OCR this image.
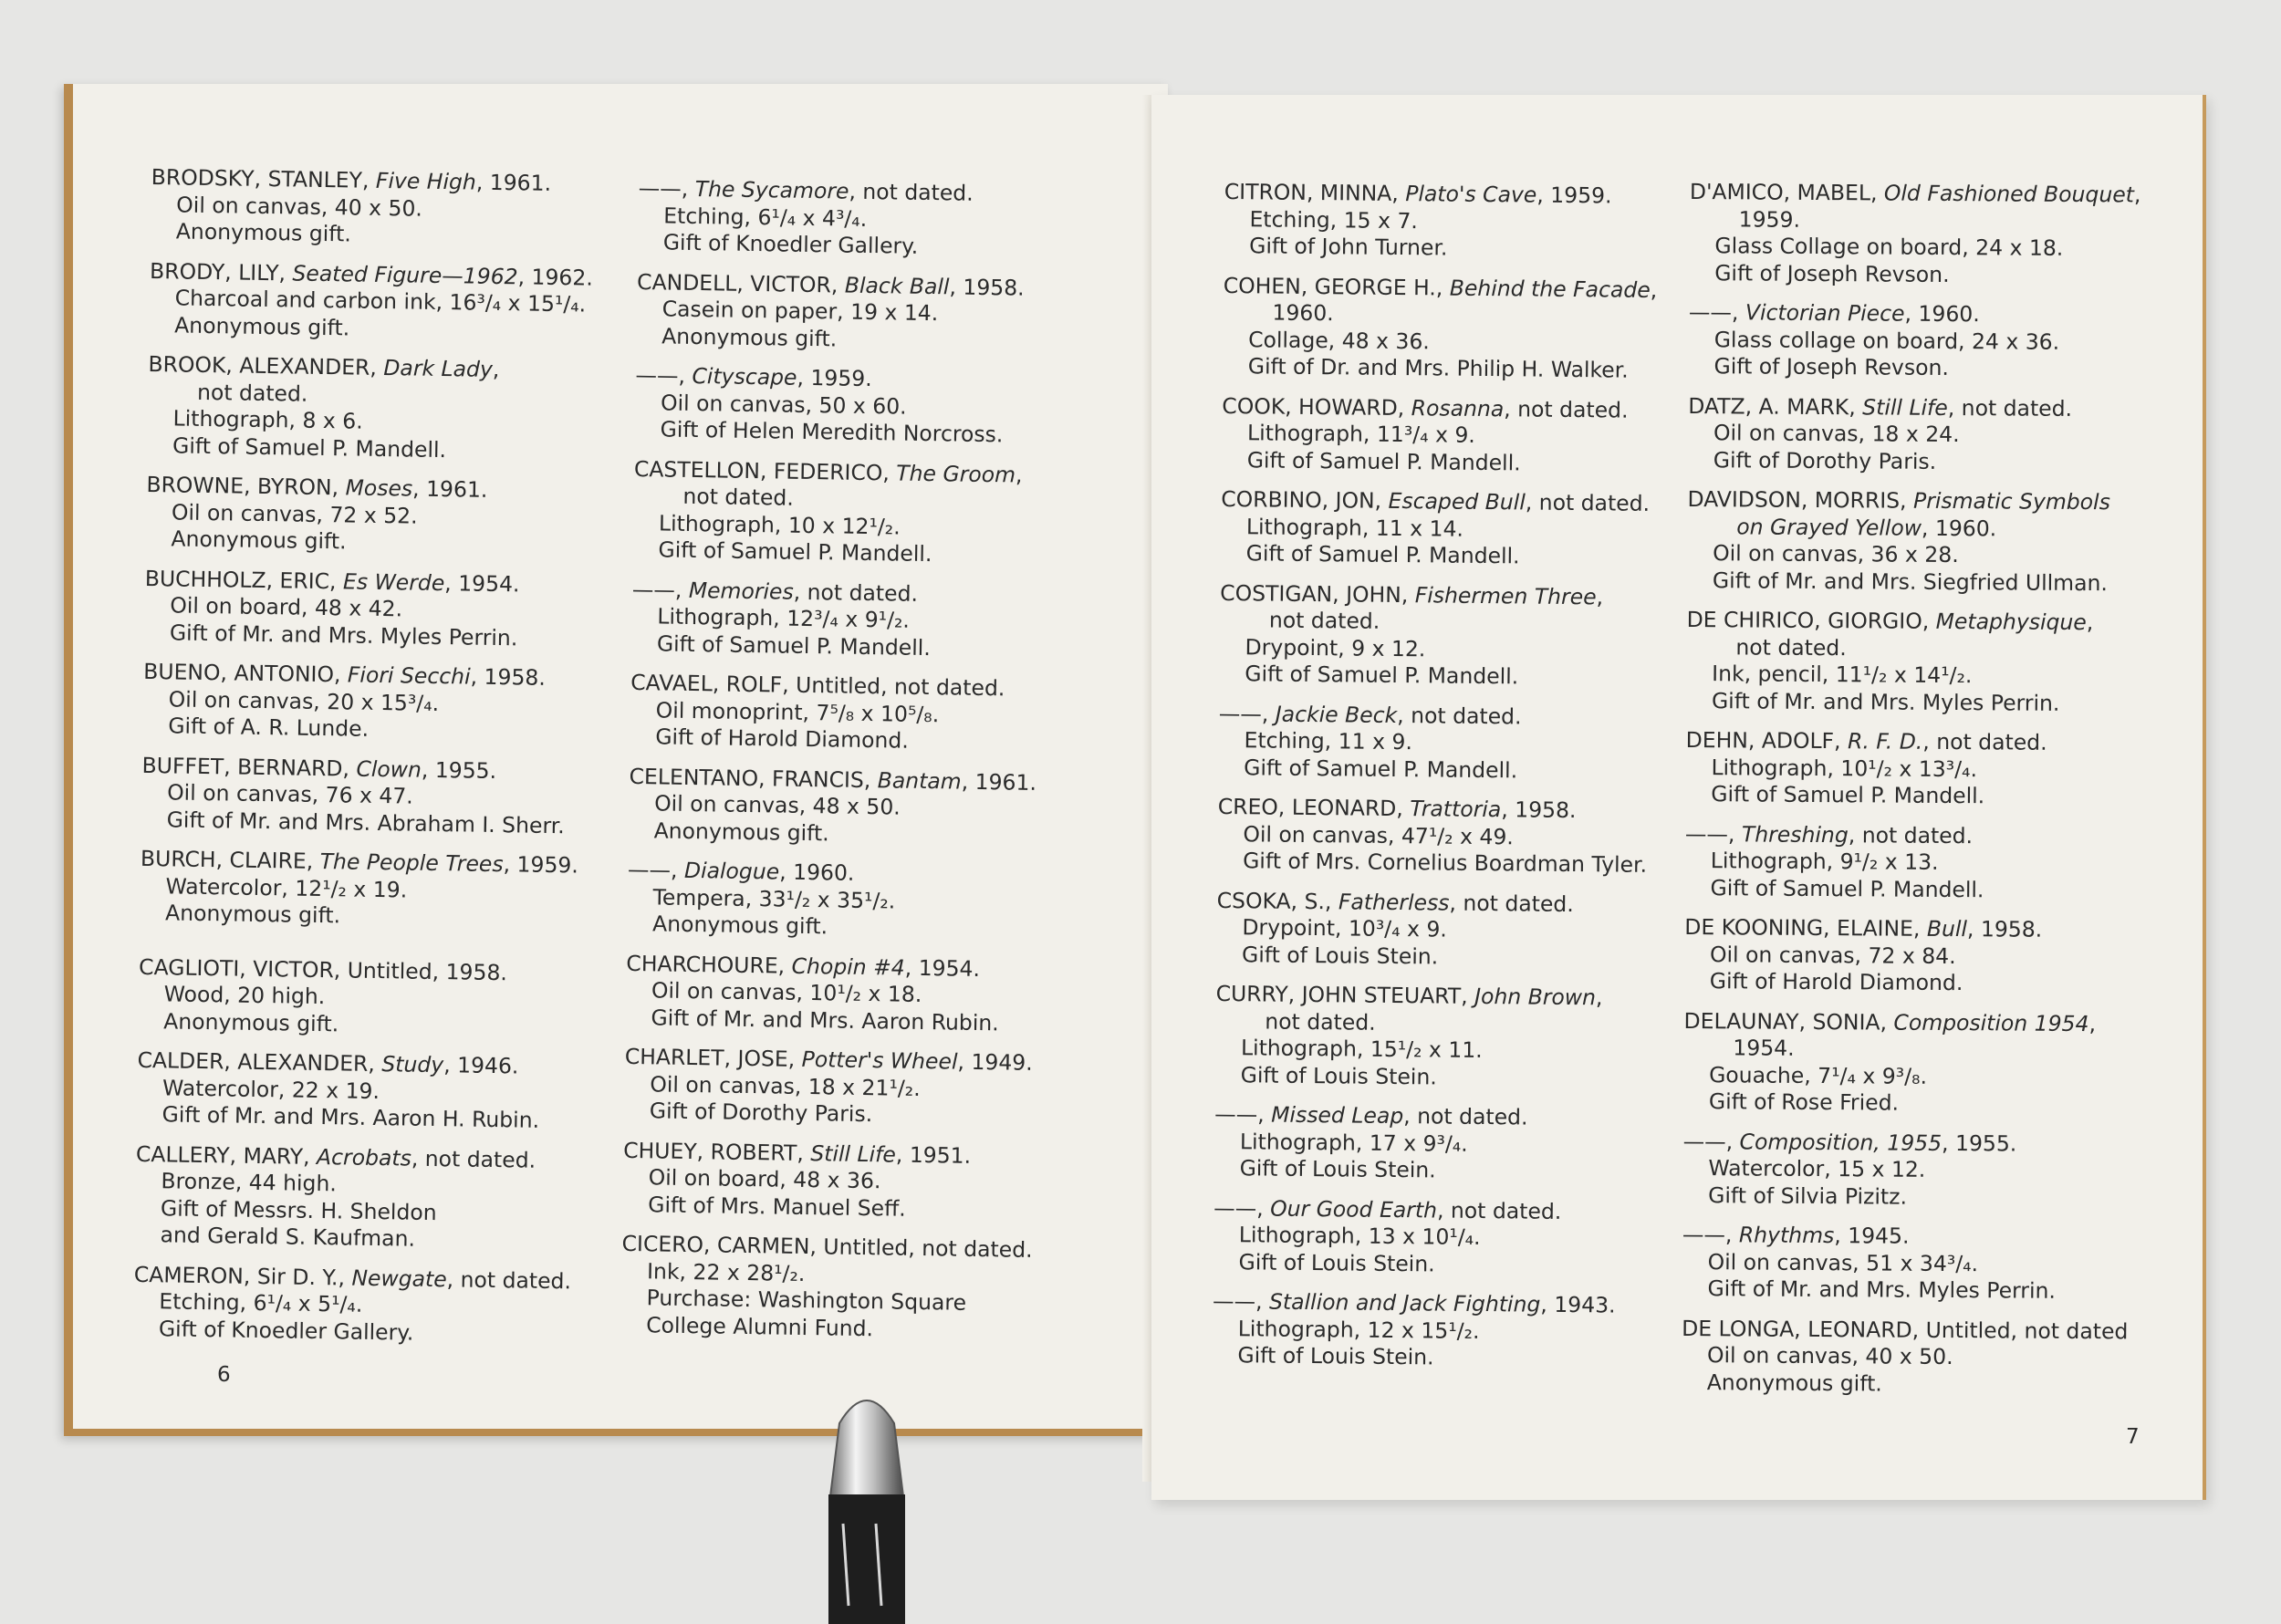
BRODSKY, STANLEY, Five High, 1961.
Oil on canvas, 40 x 50.
Anonymous gift.
BRODY, LILY, Seated Figure—1962, 1962.
Charcoal and carbon ink, 16³/₄ x 15¹/₄.
Anonymous gift.
BROOK, ALEXANDER, Dark Lady,
not dated.
Lithograph, 8 x 6.
Gift of Samuel P. Mandell.
BROWNE, BYRON, Moses, 1961.
Oil on canvas, 72 x 52.
Anonymous gift.
BUCHHOLZ, ERIC, Es Werde, 1954.
Oil on board, 48 x 42.
Gift of Mr. and Mrs. Myles Perrin.
BUENO, ANTONIO, Fiori Secchi, 1958.
Oil on canvas, 20 x 15³/₄.
Gift of A. R. Lunde.
BUFFET, BERNARD, Clown, 1955.
Oil on canvas, 76 x 47.
Gift of Mr. and Mrs. Abraham I. Sherr.
BURCH, CLAIRE, The People Trees, 1959.
Watercolor, 12¹/₂ x 19.
Anonymous gift.
CAGLIOTI, VICTOR, Untitled, 1958.
Wood, 20 high.
Anonymous gift.
CALDER, ALEXANDER, Study, 1946.
Watercolor, 22 x 19.
Gift of Mr. and Mrs. Aaron H. Rubin.
CALLERY, MARY, Acrobats, not dated.
Bronze, 44 high.
Gift of Messrs. H. Sheldon
and Gerald S. Kaufman.
CAMERON, Sir D. Y., Newgate, not dated.
Etching, 6¹/₄ x 5¹/₄.
Gift of Knoedler Gallery.
——, The Sycamore, not dated.
Etching, 6¹/₄ x 4³/₄.
Gift of Knoedler Gallery.
CANDELL, VICTOR, Black Ball, 1958.
Casein on paper, 19 x 14.
Anonymous gift.
——, Cityscape, 1959.
Oil on canvas, 50 x 60.
Gift of Helen Meredith Norcross.
CASTELLON, FEDERICO, The Groom,
not dated.
Lithograph, 10 x 12¹/₂.
Gift of Samuel P. Mandell.
——, Memories, not dated.
Lithograph, 12³/₄ x 9¹/₂.
Gift of Samuel P. Mandell.
CAVAEL, ROLF, Untitled, not dated.
Oil monoprint, 7⁵/₈ x 10⁵/₈.
Gift of Harold Diamond.
CELENTANO, FRANCIS, Bantam, 1961.
Oil on canvas, 48 x 50.
Anonymous gift.
——, Dialogue, 1960.
Tempera, 33¹/₂ x 35¹/₂.
Anonymous gift.
CHARCHOURE, Chopin #4, 1954.
Oil on canvas, 10¹/₂ x 18.
Gift of Mr. and Mrs. Aaron Rubin.
CHARLET, JOSE, Potter's Wheel, 1949.
Oil on canvas, 18 x 21¹/₂.
Gift of Dorothy Paris.
CHUEY, ROBERT, Still Life, 1951.
Oil on board, 48 x 36.
Gift of Mrs. Manuel Seff.
CICERO, CARMEN, Untitled, not dated.
Ink, 22 x 28¹/₂.
Purchase: Washington Square
College Alumni Fund.
6
CITRON, MINNA, Plato's Cave, 1959.
Etching, 15 x 7.
Gift of John Turner.
COHEN, GEORGE H., Behind the Facade,
1960.
Collage, 48 x 36.
Gift of Dr. and Mrs. Philip H. Walker.
COOK, HOWARD, Rosanna, not dated.
Lithograph, 11³/₄ x 9.
Gift of Samuel P. Mandell.
CORBINO, JON, Escaped Bull, not dated.
Lithograph, 11 x 14.
Gift of Samuel P. Mandell.
COSTIGAN, JOHN, Fishermen Three,
not dated.
Drypoint, 9 x 12.
Gift of Samuel P. Mandell.
——, Jackie Beck, not dated.
Etching, 11 x 9.
Gift of Samuel P. Mandell.
CREO, LEONARD, Trattoria, 1958.
Oil on canvas, 47¹/₂ x 49.
Gift of Mrs. Cornelius Boardman Tyler.
CSOKA, S., Fatherless, not dated.
Drypoint, 10³/₄ x 9.
Gift of Louis Stein.
CURRY, JOHN STEUART, John Brown,
not dated.
Lithograph, 15¹/₂ x 11.
Gift of Louis Stein.
——, Missed Leap, not dated.
Lithograph, 17 x 9³/₄.
Gift of Louis Stein.
——, Our Good Earth, not dated.
Lithograph, 13 x 10¹/₄.
Gift of Louis Stein.
——, Stallion and Jack Fighting, 1943.
Lithograph, 12 x 15¹/₂.
Gift of Louis Stein.
D'AMICO, MABEL, Old Fashioned Bouquet,
1959.
Glass Collage on board, 24 x 18.
Gift of Joseph Revson.
——, Victorian Piece, 1960.
Glass collage on board, 24 x 36.
Gift of Joseph Revson.
DATZ, A. MARK, Still Life, not dated.
Oil on canvas, 18 x 24.
Gift of Dorothy Paris.
DAVIDSON, MORRIS, Prismatic Symbols
on Grayed Yellow, 1960.
Oil on canvas, 36 x 28.
Gift of Mr. and Mrs. Siegfried Ullman.
DE CHIRICO, GIORGIO, Metaphysique,
not dated.
Ink, pencil, 11¹/₂ x 14¹/₂.
Gift of Mr. and Mrs. Myles Perrin.
DEHN, ADOLF, R. F. D., not dated.
Lithograph, 10¹/₂ x 13³/₄.
Gift of Samuel P. Mandell.
——, Threshing, not dated.
Lithograph, 9¹/₂ x 13.
Gift of Samuel P. Mandell.
DE KOONING, ELAINE, Bull, 1958.
Oil on canvas, 72 x 84.
Gift of Harold Diamond.
DELAUNAY, SONIA, Composition 1954,
1954.
Gouache, 7¹/₄ x 9³/₈.
Gift of Rose Fried.
——, Composition, 1955, 1955.
Watercolor, 15 x 12.
Gift of Silvia Pizitz.
——, Rhythms, 1945.
Oil on canvas, 51 x 34³/₄.
Gift of Mr. and Mrs. Myles Perrin.
DE LONGA, LEONARD, Untitled, not dated
Oil on canvas, 40 x 50.
Anonymous gift.
7
